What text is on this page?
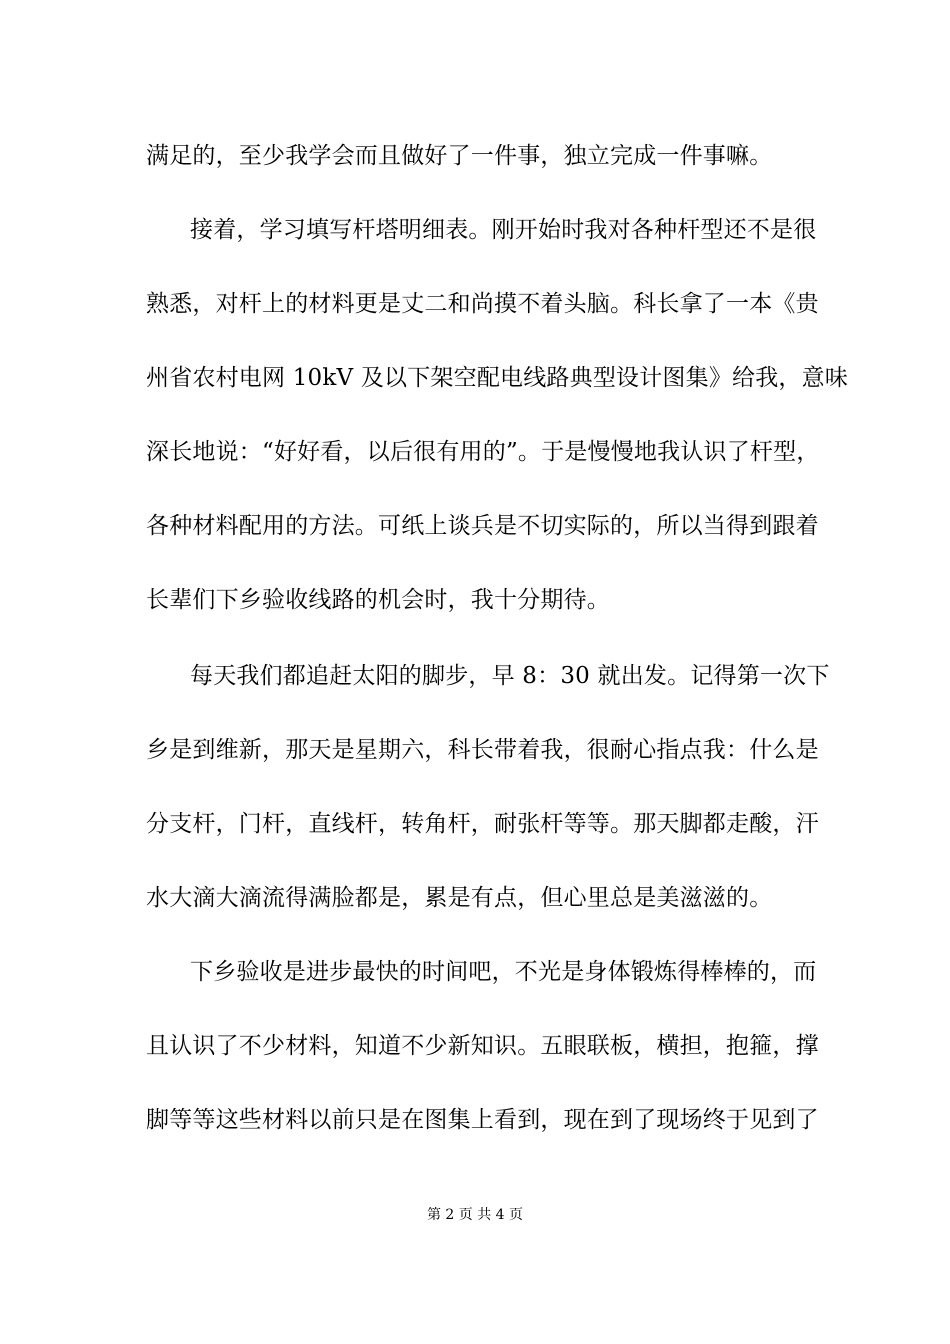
满足的，至少我学会而且做好了一件事，独立完成一件事嘛。
接着，学习填写杆塔明细表。刚开始时我对各种杆型还不是很
熟悉，对杆上的材料更是丈二和尚摸不着头脑。科长拿了一本《贵
州省农村电网 10kV 及以下架空配电线路典型设计图集》给我，意味
深长地说：“好好看，以后很有用的”。于是慢慢地我认识了杆型，
各种材料配用的方法。可纸上谈兵是不切实际的，所以当得到跟着
长辈们下乡验收线路的机会时，我十分期待。
每天我们都追赶太阳的脚步，早 8：30 就出发。记得第一次下
乡是到维新，那天是星期六，科长带着我，很耐心指点我：什么是
分支杆，门杆，直线杆，转角杆，耐张杆等等。那天脚都走酸，汗
水大滴大滴流得满脸都是，累是有点，但心里总是美滋滋的。
下乡验收是进步最快的时间吧，不光是身体锻炼得棒棒的，而
且认识了不少材料，知道不少新知识。五眼联板，横担，抱箍，撑
脚等等这些材料以前只是在图集上看到，现在到了现场终于见到了
第 2 页 共 4 页
